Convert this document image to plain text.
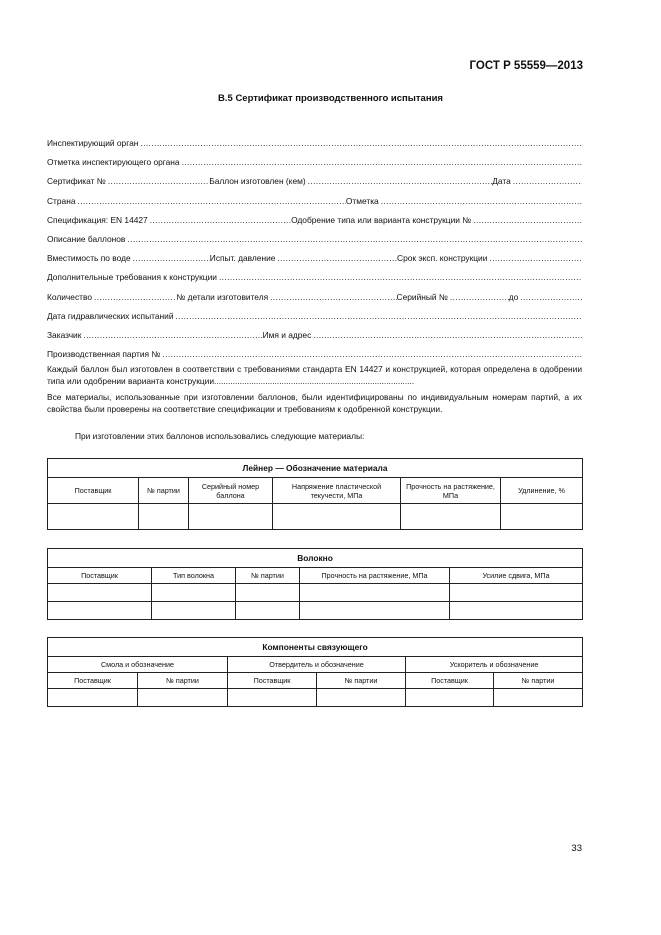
ГОСТ Р 55559—2013
В.5 Сертификат производственного испытания
Инспектирующий орган
.....
Отметка инспектирующего органа
.....
Сертификат № .....	Баллон изготовлен (кем) .....	Дата
.....
Страна .....	Отметка
.....
Спецификация: EN 14427 .....	Одобрение типа или варианта конструкции №
.....
Описание баллонов
.....
Вместимость по воде .....	Испыт. давление .....	Срок эксп. конструкции
.....
Дополнительные требования к конструкции
.....
Количество .....	№ детали изготовителя .....	Серийный № .....	до
.....
Дата гидравлических испытаний
.....
Заказчик .....	Имя и адрес
.....
Производственная партия №
.....

Каждый баллон был изготовлен в соответствии с требованиями стандарта EN 14427 и конструкцией, которая определена в одобрении типа или одобрении варианта конструкции......................................................................................

Все материалы, использованные при изготовлении баллонов, были идентифицированы по индивидуальным номерам партий, а их свойства были проверены на соответствие спецификации и требованиям к одобренной конструкции.

При изготовлении этих баллонов использовались следующие материалы:
Лейнер — Обозначение материала					
Поставщик	№ партии	Серийный номер баллона	Напряжение пластической текучести, МПа	Прочность на растяжение, МПа	Удлинение, %

Волокно				
Поставщик	Тип волокна	№ партии	Прочность на растяжение, МПа	Усилие сдвига, МПа

Компоненты связующего					
Смола и обозначение		Отвердитель и обозначение		Ускоритель и обозначение	
Поставщик	№ партии	Поставщик	№ партии	Поставщик	№ партии

33
